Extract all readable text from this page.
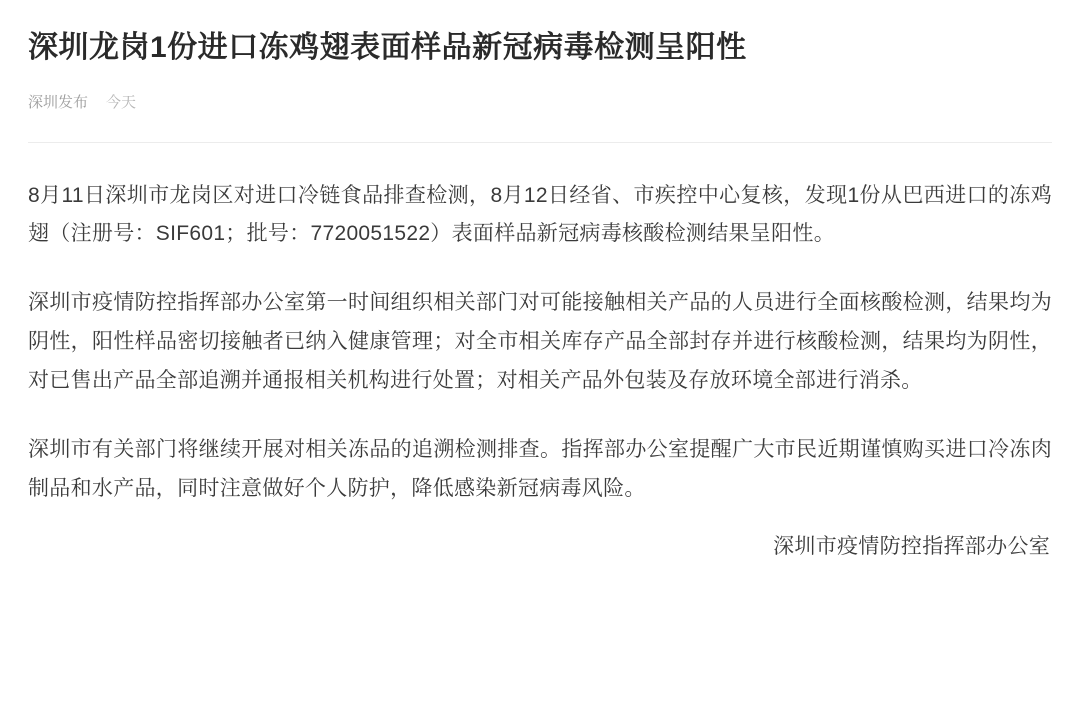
深圳龙岗1份进口冻鸡翅表面样品新冠病毒检测呈阳性
深圳发布 今天

8月11日深圳市龙岗区对进口冷链食品排查检测，8月12日经省、市疾控中心复核，发现1份从巴西进口的冻鸡翅（注册号：SIF601；批号：7720051522）表面样品新冠病毒核酸检测结果呈阳性。

深圳市疫情防控指挥部办公室第一时间组织相关部门对可能接触相关产品的人员进行全面核酸检测，结果均为阴性，阳性样品密切接触者已纳入健康管理；对全市相关库存产品全部封存并进行核酸检测，结果均为阴性，对已售出产品全部追溯并通报相关机构进行处置；对相关产品外包装及存放环境全部进行消杀。

深圳市有关部门将继续开展对相关冻品的追溯检测排查。指挥部办公室提醒广大市民近期谨慎购买进口冷冻肉制品和水产品，同时注意做好个人防护，降低感染新冠病毒风险。

深圳市疫情防控指挥部办公室
